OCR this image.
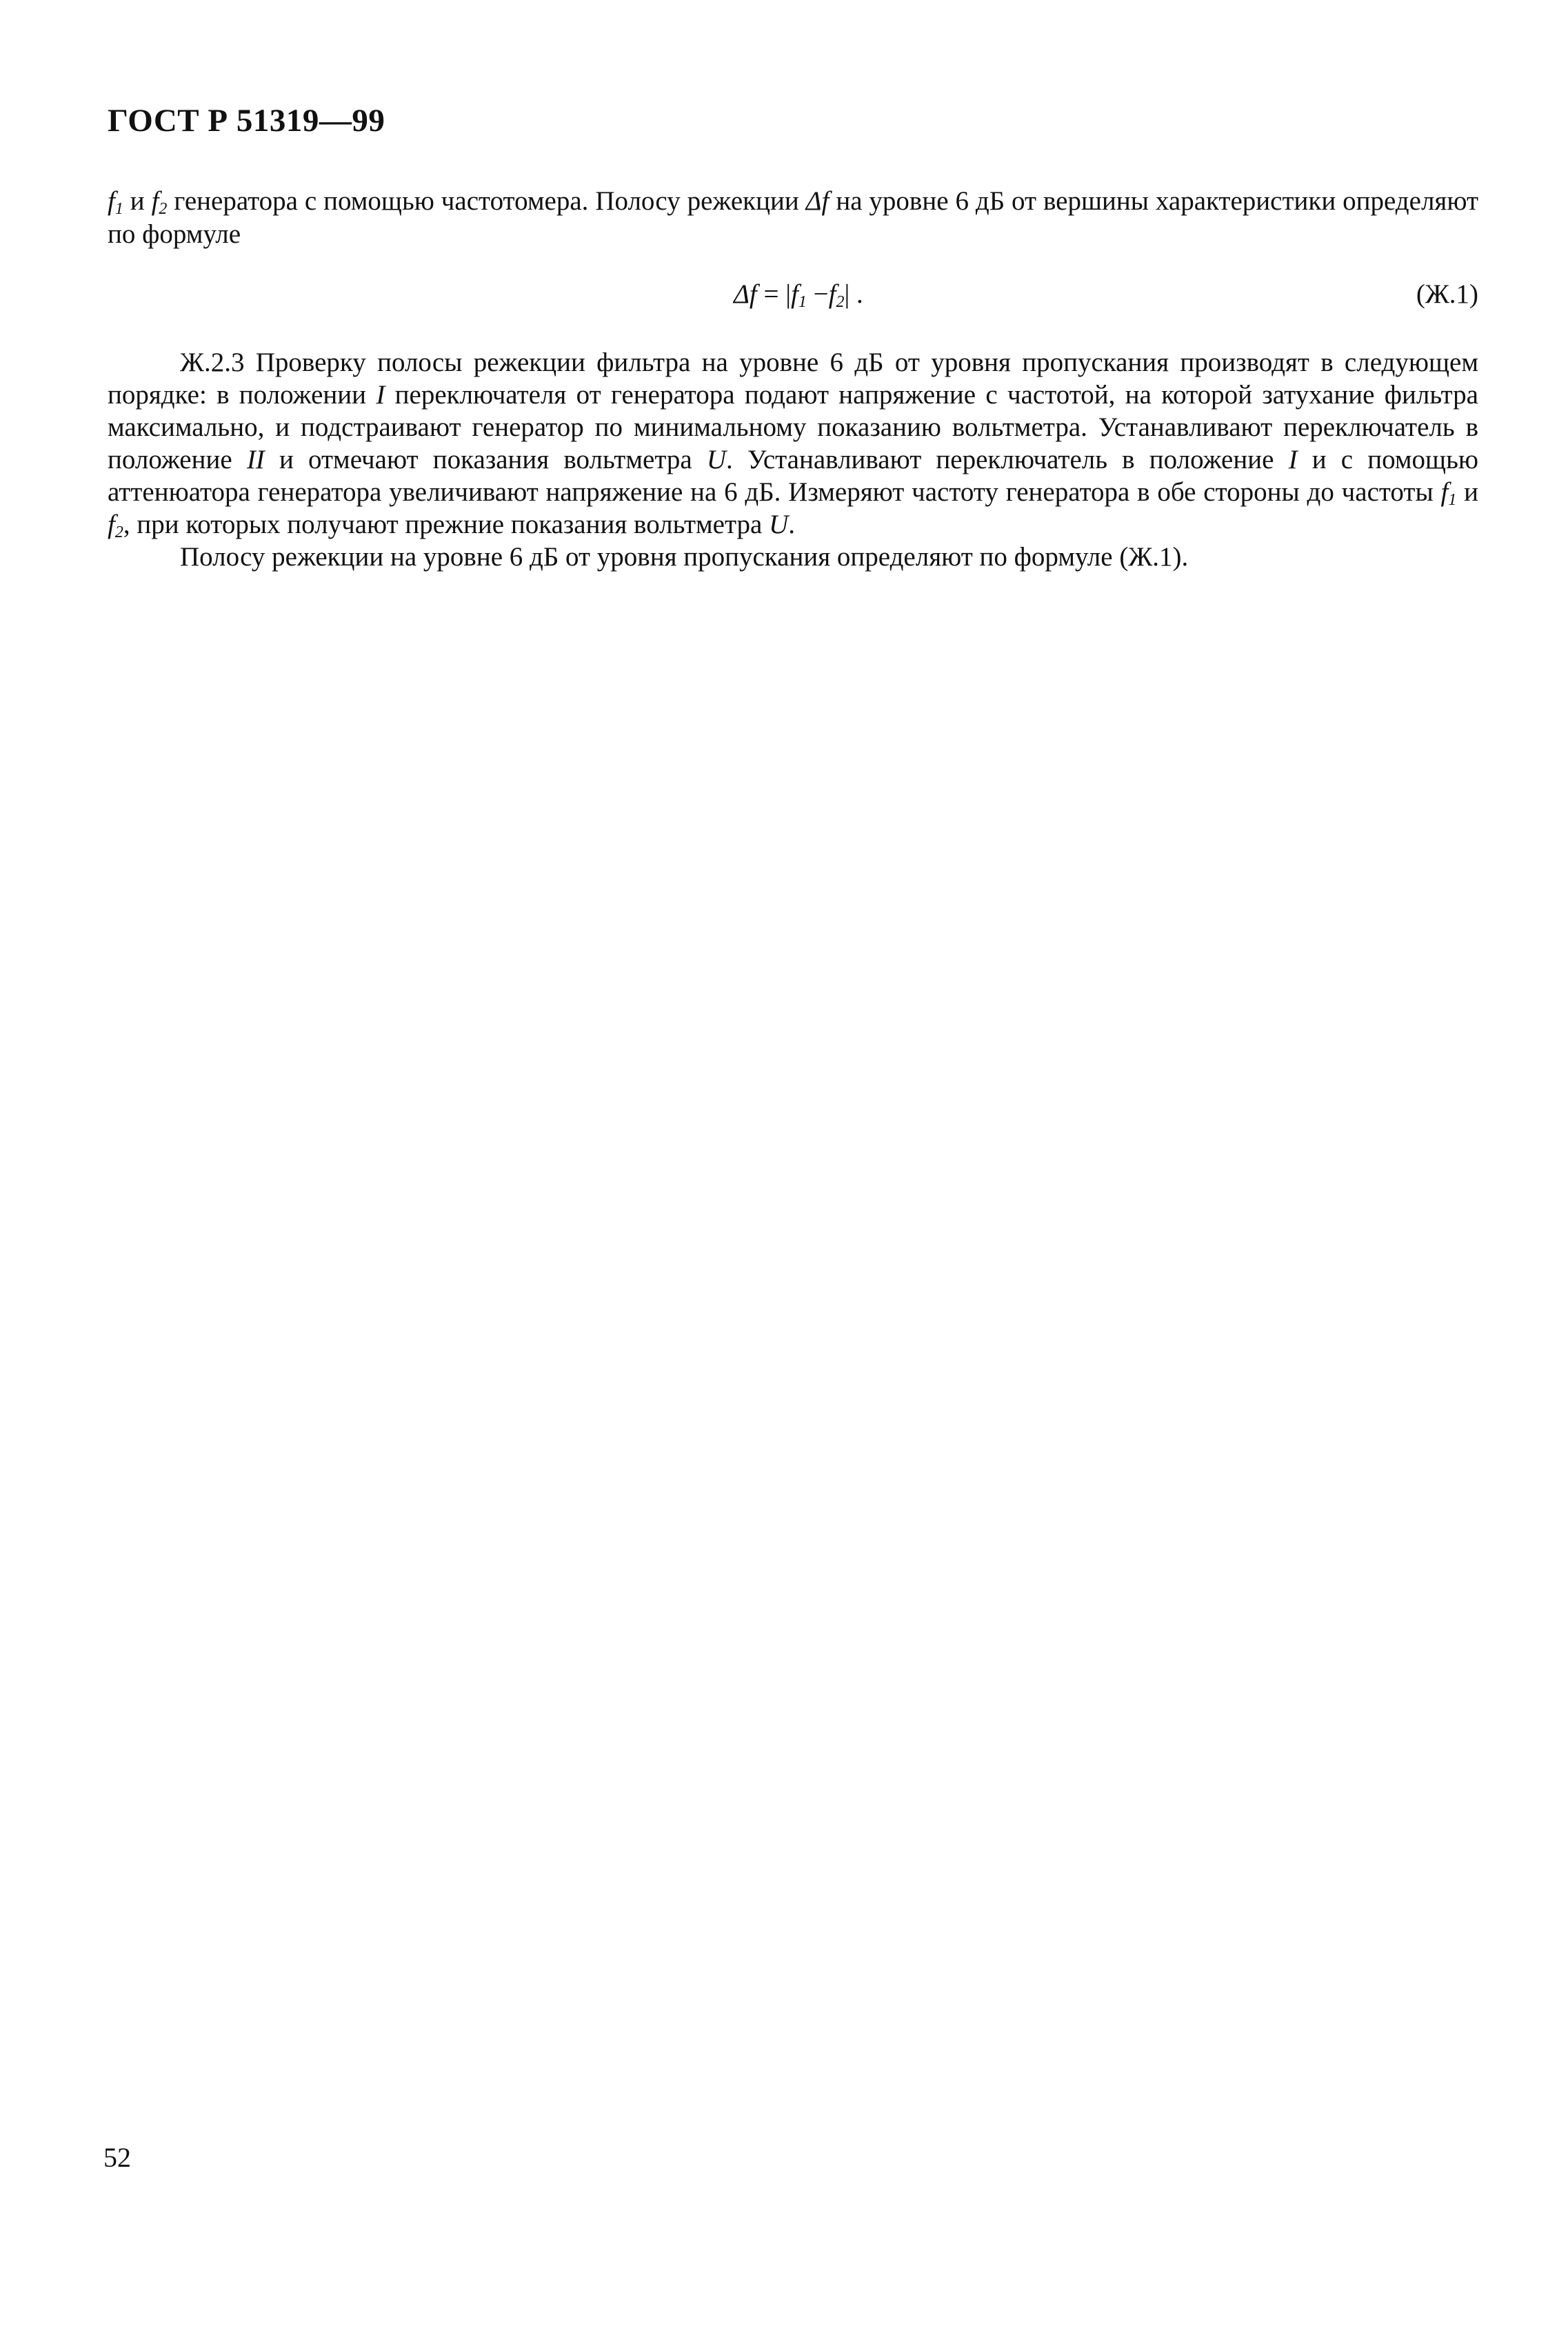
ГОСТ Р 51319—99

$f_1$ и $f_2$ генератора с помощью частотомера. Полосу режекции Δf на уровне 6 дБ от вершины характеристики определяют по формуле

$\Delta f = |f_1 -f_2|$ .	(Ж.1)

Ж.2.3 Проверку полосы режекции фильтра на уровне 6 дБ от уровня пропускания производят в следующем порядке: в положении I переключателя от генератора подают напряжение с частотой, на которой затухание фильтра максимально, и подстраивают генератор по минимальному показанию вольтметра. Устанавливают переключатель в положение II и отмечают показания вольтметра U. Устанавливают переключатель в положение I и с помощью аттенюатора генератора увеличивают напряжение на 6 дБ. Измеряют частоту генератора в обе стороны до частоты $f_1$ и $f_2$, при которых получают прежние показания вольтметра U.

Полосу режекции на уровне 6 дБ от уровня пропускания определяют по формуле (Ж.1).

52
